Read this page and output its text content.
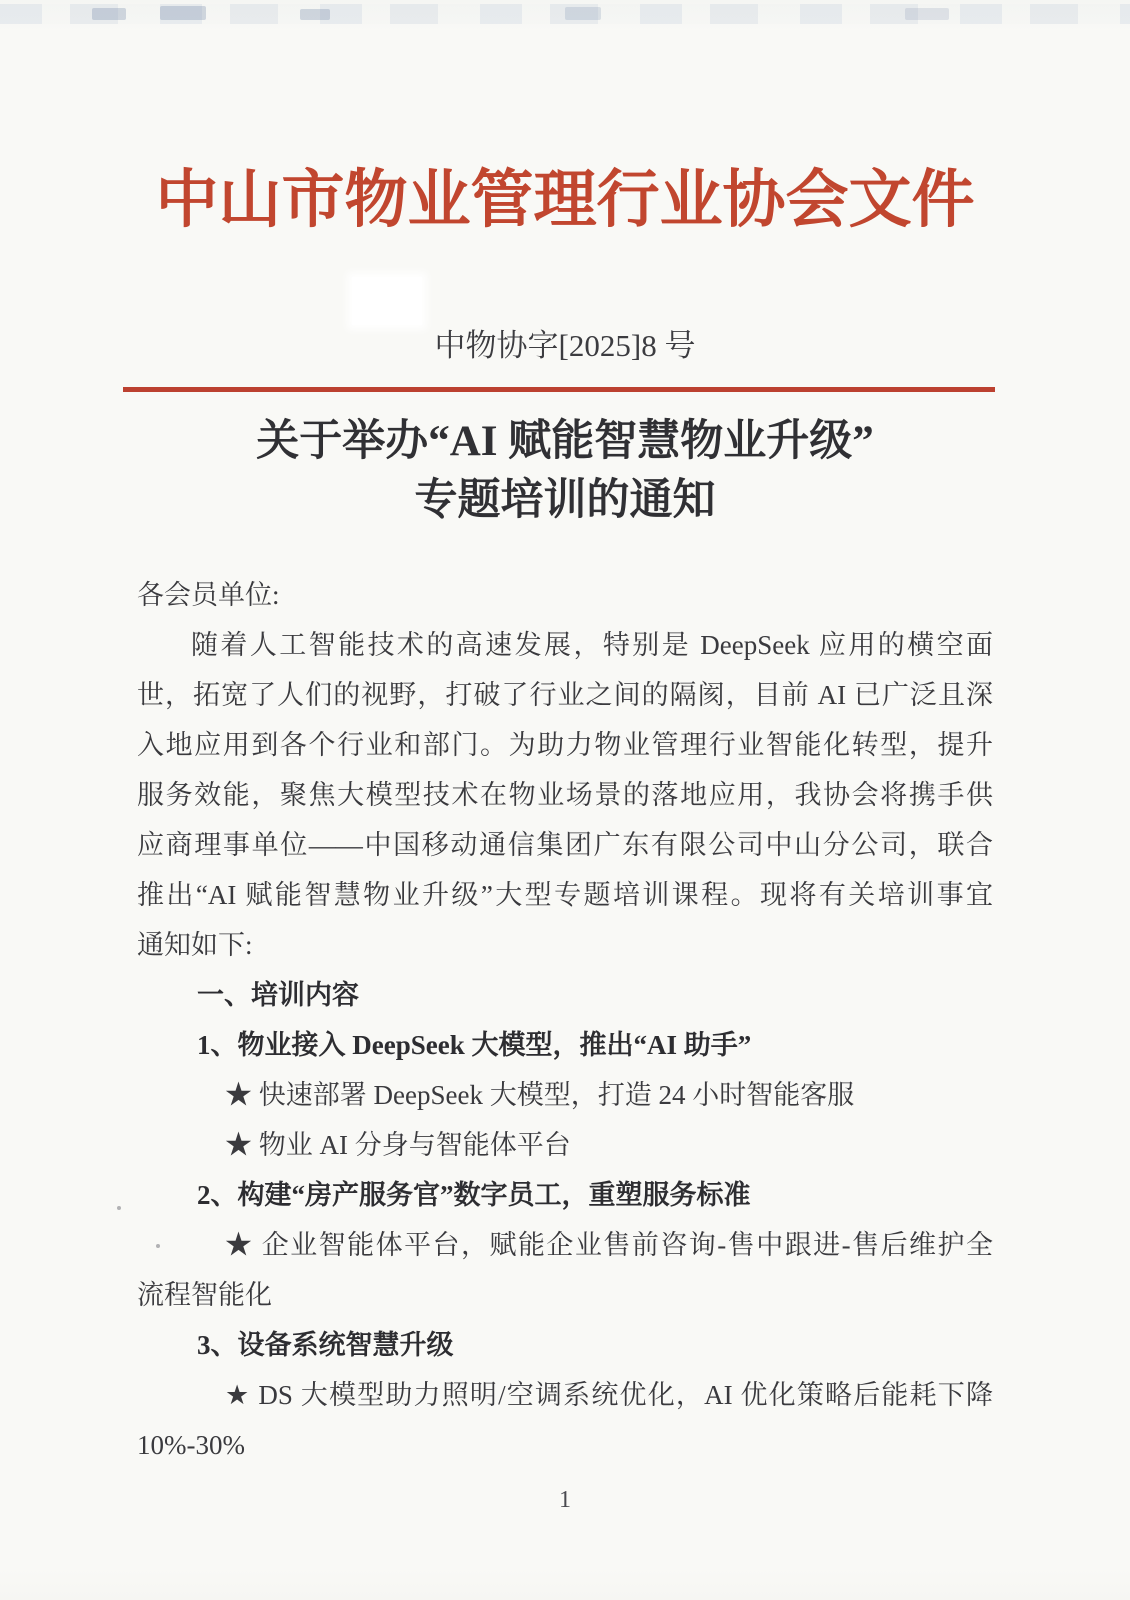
中山市物业管理行业协会文件
中物协字[2025]8 号
关于举办“AI 赋能智慧物业升级”
专题培训的通知
各会员单位:
随着人工智能技术的高速发展，特别是 DeepSeek 应用的横空面
世，拓宽了人们的视野，打破了行业之间的隔阂，目前 AI 已广泛且深
入地应用到各个行业和部门。为助力物业管理行业智能化转型，提升
服务效能，聚焦大模型技术在物业场景的落地应用，我协会将携手供
应商理事单位——中国移动通信集团广东有限公司中山分公司，联合
推出“AI 赋能智慧物业升级”大型专题培训课程。现将有关培训事宜
通知如下:
一、培训内容
1、物业接入 DeepSeek 大模型，推出“AI 助手”
★ 快速部署 DeepSeek 大模型，打造 24 小时智能客服
★ 物业 AI 分身与智能体平台
2、构建“房产服务官”数字员工，重塑服务标准
★ 企业智能体平台，赋能企业售前咨询-售中跟进-售后维护全
流程智能化
3、设备系统智慧升级
★ DS 大模型助力照明/空调系统优化，AI 优化策略后能耗下降
10%-30%
1
